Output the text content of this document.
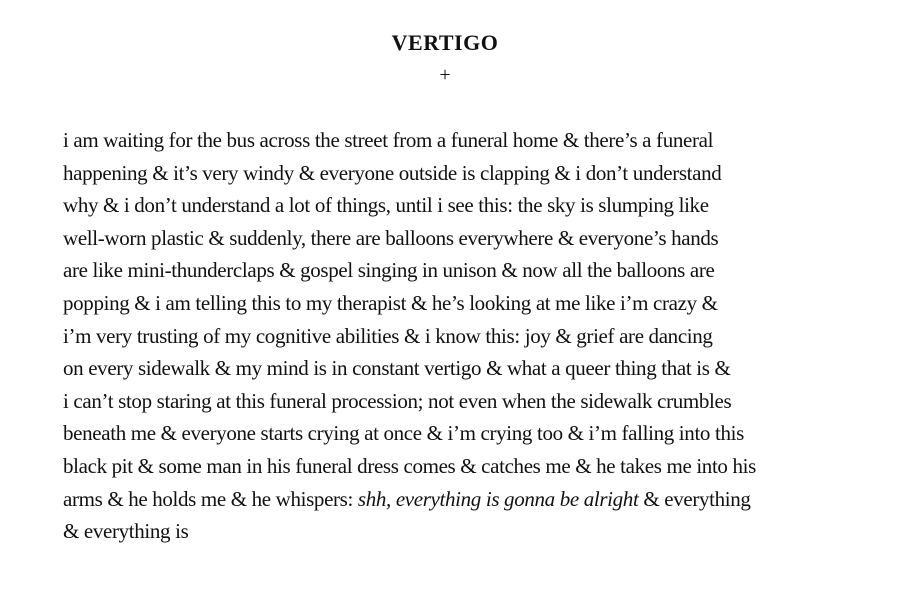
VERTIGO
+
i am waiting for the bus across the street from a funeral home & there’s a funeral
happening & it’s very windy & everyone outside is clapping & i don’t understand
why & i don’t understand a lot of things, until i see this: the sky is slumping like
well-worn plastic & suddenly, there are balloons everywhere & everyone’s hands
are like mini-thunderclaps & gospel singing in unison & now all the balloons are
popping & i am telling this to my therapist & he’s looking at me like i’m crazy &
i’m very trusting of my cognitive abilities & i know this: joy & grief are dancing
on every sidewalk & my mind is in constant vertigo & what a queer thing that is &
i can’t stop staring at this funeral procession; not even when the sidewalk crumbles
beneath me & everyone starts crying at once & i’m crying too & i’m falling into this
black pit & some man in his funeral dress comes & catches me & he takes me into his
arms & he holds me & he whispers: shh, everything is gonna be alright & everything
& everything is
